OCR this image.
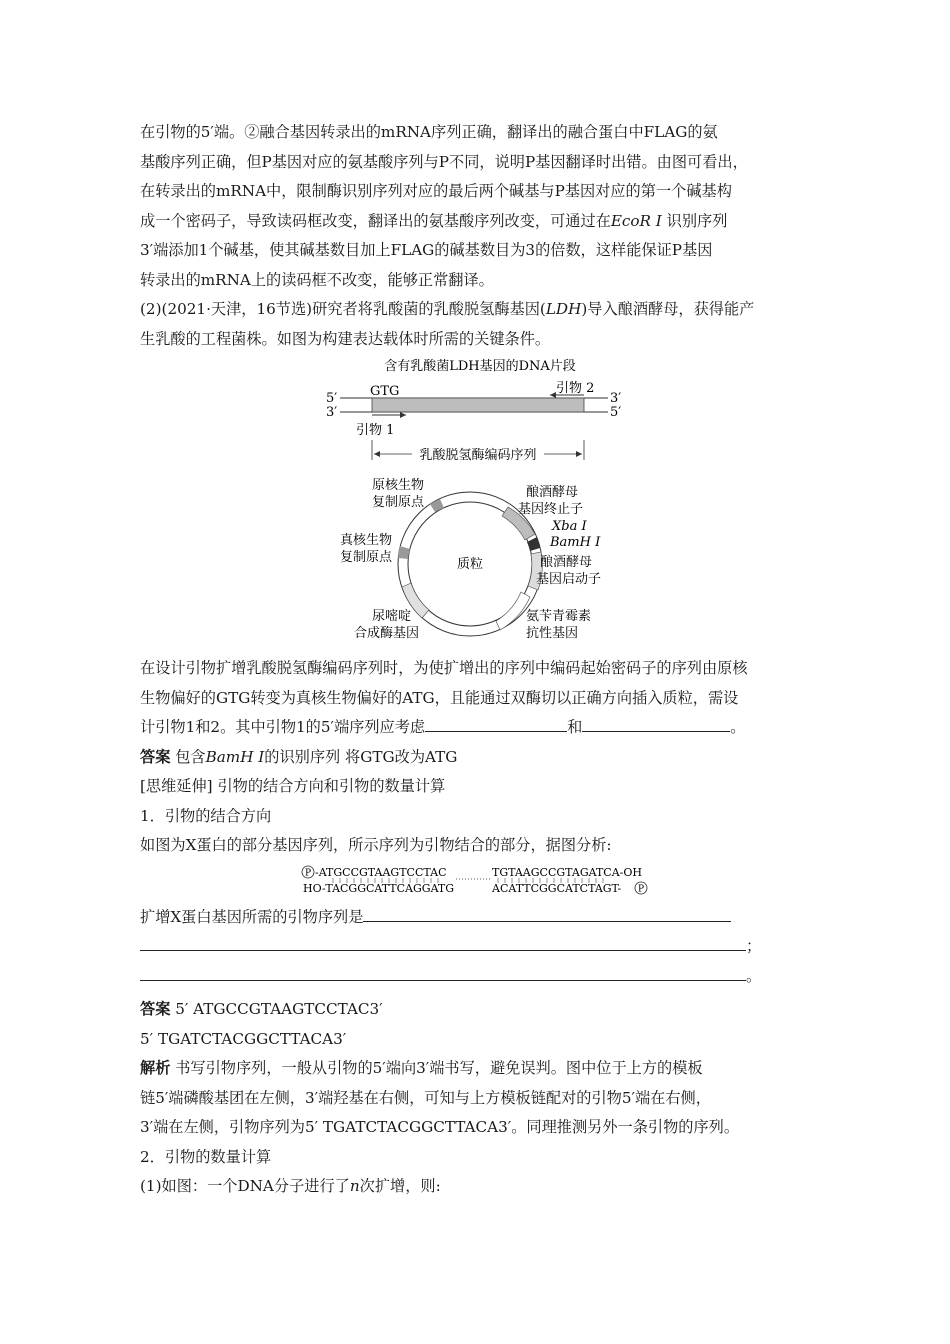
在引物的5′端。②融合基因转录出的mRNA序列正确，翻译出的融合蛋白中FLAG的氨

基酸序列正确，但P基因对应的氨基酸序列与P不同，说明P基因翻译时出错。由图可看出，

在转录出的mRNA中，限制酶识别序列对应的最后两个碱基与P基因对应的第一个碱基构

成一个密码子，导致读码框改变，翻译出的氨基酸序列改变，可通过在EcoR Ⅰ 识别序列

3′端添加1个碱基，使其碱基数目加上FLAG的碱基数目为3的倍数，这样能保证P基因

转录出的mRNA上的读码框不改变，能够正常翻译。

(2)(2021·天津，16节选)研究者将乳酸菌的乳酸脱氢酶基因(LDH)导入酿酒酵母，获得能产

生乳酸的工程菌株。如图为构建表达载体时所需的关键条件。

含有乳酸菌LDH基因的DNA片段
5′
3′
3′
5′
GTG	引物 2
引物 1
乳酸脱氢酶编码序列
质粒
原核生物
复制原点
真核生物
复制原点
尿嘧啶
合成酶基因
酿酒酵母
基因终止子
Xba Ⅰ
BamH Ⅰ
酿酒酵母
基因启动子
氨苄青霉素
抗性基因

在设计引物扩增乳酸脱氢酶编码序列时，为使扩增出的序列中编码起始密码子的序列由原核

生物偏好的GTG转变为真核生物偏好的ATG，且能通过双酶切以正确方向插入质粒，需设

计引物1和2。其中引物1的5′端序列应考虑	和	。

答案 包含BamH Ⅰ的识别序列 将GTG改为ATG

[思维延伸] 引物的结合方向和引物的数量计算

1．引物的结合方向

如图为X蛋白的部分基因序列，所示序列为引物结合的部分，据图分析:

P -ATGCCGTAAGTCCTAC	TGTAAGCCGTAGATCA-OH
HO-TACGGCATTCAGGATG	ACATTCGGCATCTAGT- P

扩增X蛋白基因所需的引物序列是

；

。

答案 5′ ATGCCGTAAGTCCTAC3′

5′ TGATCTACGGCTTACA3′

解析 书写引物序列，一般从引物的5′端向3′端书写，避免误判。图中位于上方的模板

链5′端磷酸基团在左侧，3′端羟基在右侧，可知与上方模板链配对的引物5′端在右侧，

3′端在左侧，引物序列为5′ TGATCTACGGCTTACA3′。同理推测另外一条引物的序列。

2．引物的数量计算

(1)如图：一个DNA分子进行了n次扩增，则:
